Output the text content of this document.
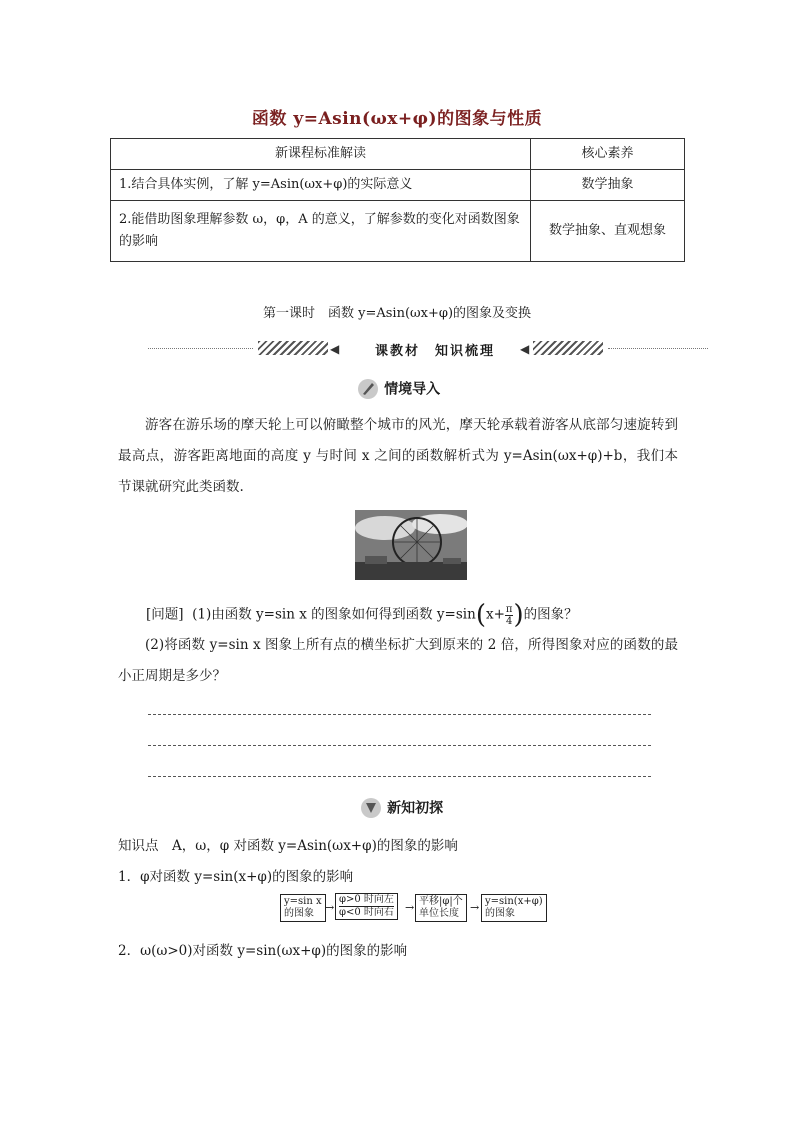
函数 y=Asin(ωx+φ)的图象与性质
新课程标准解读	核心素养
1.结合具体实例，了解 y=Asin(ωx+φ)的实际意义	数学抽象
2.能借助图象理解参数 ω，φ，A 的意义，了解参数的变化对函数图象的影响	数学抽象、直观想象
第一课时　函数 y=Asin(ωx+φ)的图象及变换
◀	课教材　知识梳理	◀
情境导入

游客在游乐场的摩天轮上可以俯瞰整个城市的风光，摩天轮承载着游客从底部匀速旋转到最高点，游客距离地面的高度 y 与时间 x 之间的函数解析式为 y=Asin(ωx+φ)+b，我们本节课就研究此类函数.

[问题] (1)由函数 y=sin x 的图象如何得到函数 $y=\sin(x+ \frac{\pi}{4}$ )的图象？

(2)将函数 y=sin x 图象上所有点的横坐标扩大到原来的 2 倍，所得图象对应的函数的最小正周期是多少？

新知初探
知识点　A，ω，φ 对函数 y=Asin(ωx+φ)的图象的影响
1．φ对函数 y=sin(x+φ)的图象的影响
y=sin x
的图象	→
φ>0 时向左
φ<0 时向右 → 平移|φ|个
单位长度	→ y=sin(x+φ)
的图象
2．ω(ω>0)对函数 y=sin(ωx+φ)的图象的影响
